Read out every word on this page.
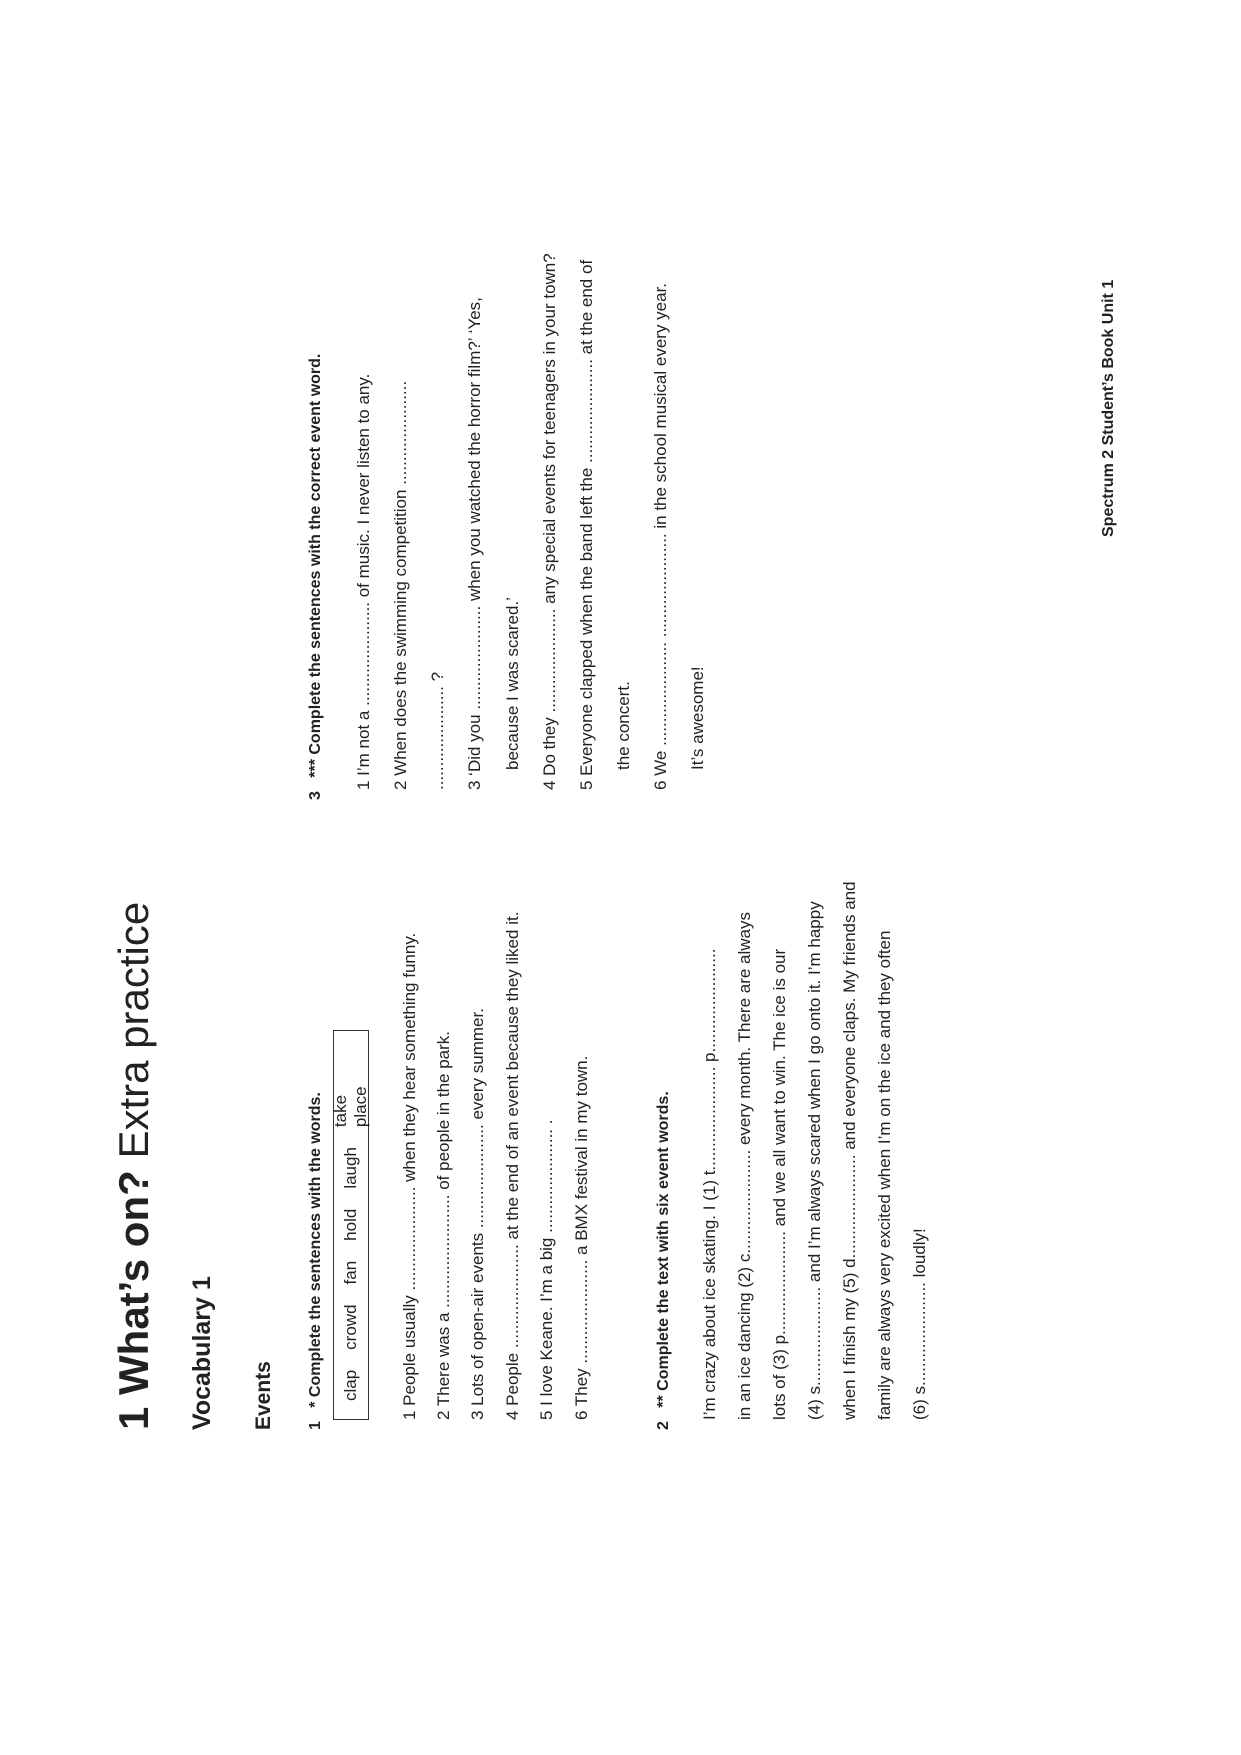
1 What’s on? Extra practice
Vocabulary 1 Events 1   * Complete the sentences with the words. clap
crowd
fan
hold
laugh
take place 1 People usually ...................... when they hear something funny. 2 There was a ........................ of people in the park. 3 Lots of open-air events ...................... every summer. 4 People ...................... at the end of an event because they liked it. 5 I love Keane. I’m a big ...................... . 6 They ...................... a BMX festival in my town.
2   ** Complete the text with six event words. I’m crazy about ice skating. I (1) t...................... p...................... in an ice dancing (2) c...................... every month. There are always lots of (3) p...................... and we all want to win. The ice is our (4) s..................... and I’m always scared when I go onto it. I’m happy when I finish my (5) d...................... and everyone claps. My friends and family are always very excited when I’m on the ice and they often (6) s...................... loudly!
3   *** Complete the sentences with the correct event word. 1 I’m not a ...................... of music. I never listen to any. 2 When does the swimming competition ...................... ...................... ? 3 ‘Did you ...................... when you watched the horror film?’ ‘Yes, because I was scared.’ 4 Do they ...................... any special events for teenagers in your town? 5 Everyone clapped when the band left the ...................... at the end of the concert. 6 We ...................... ...................... in the school musical every year. It’s awesome!
Spectrum 2 Student’s Book Unit 1
